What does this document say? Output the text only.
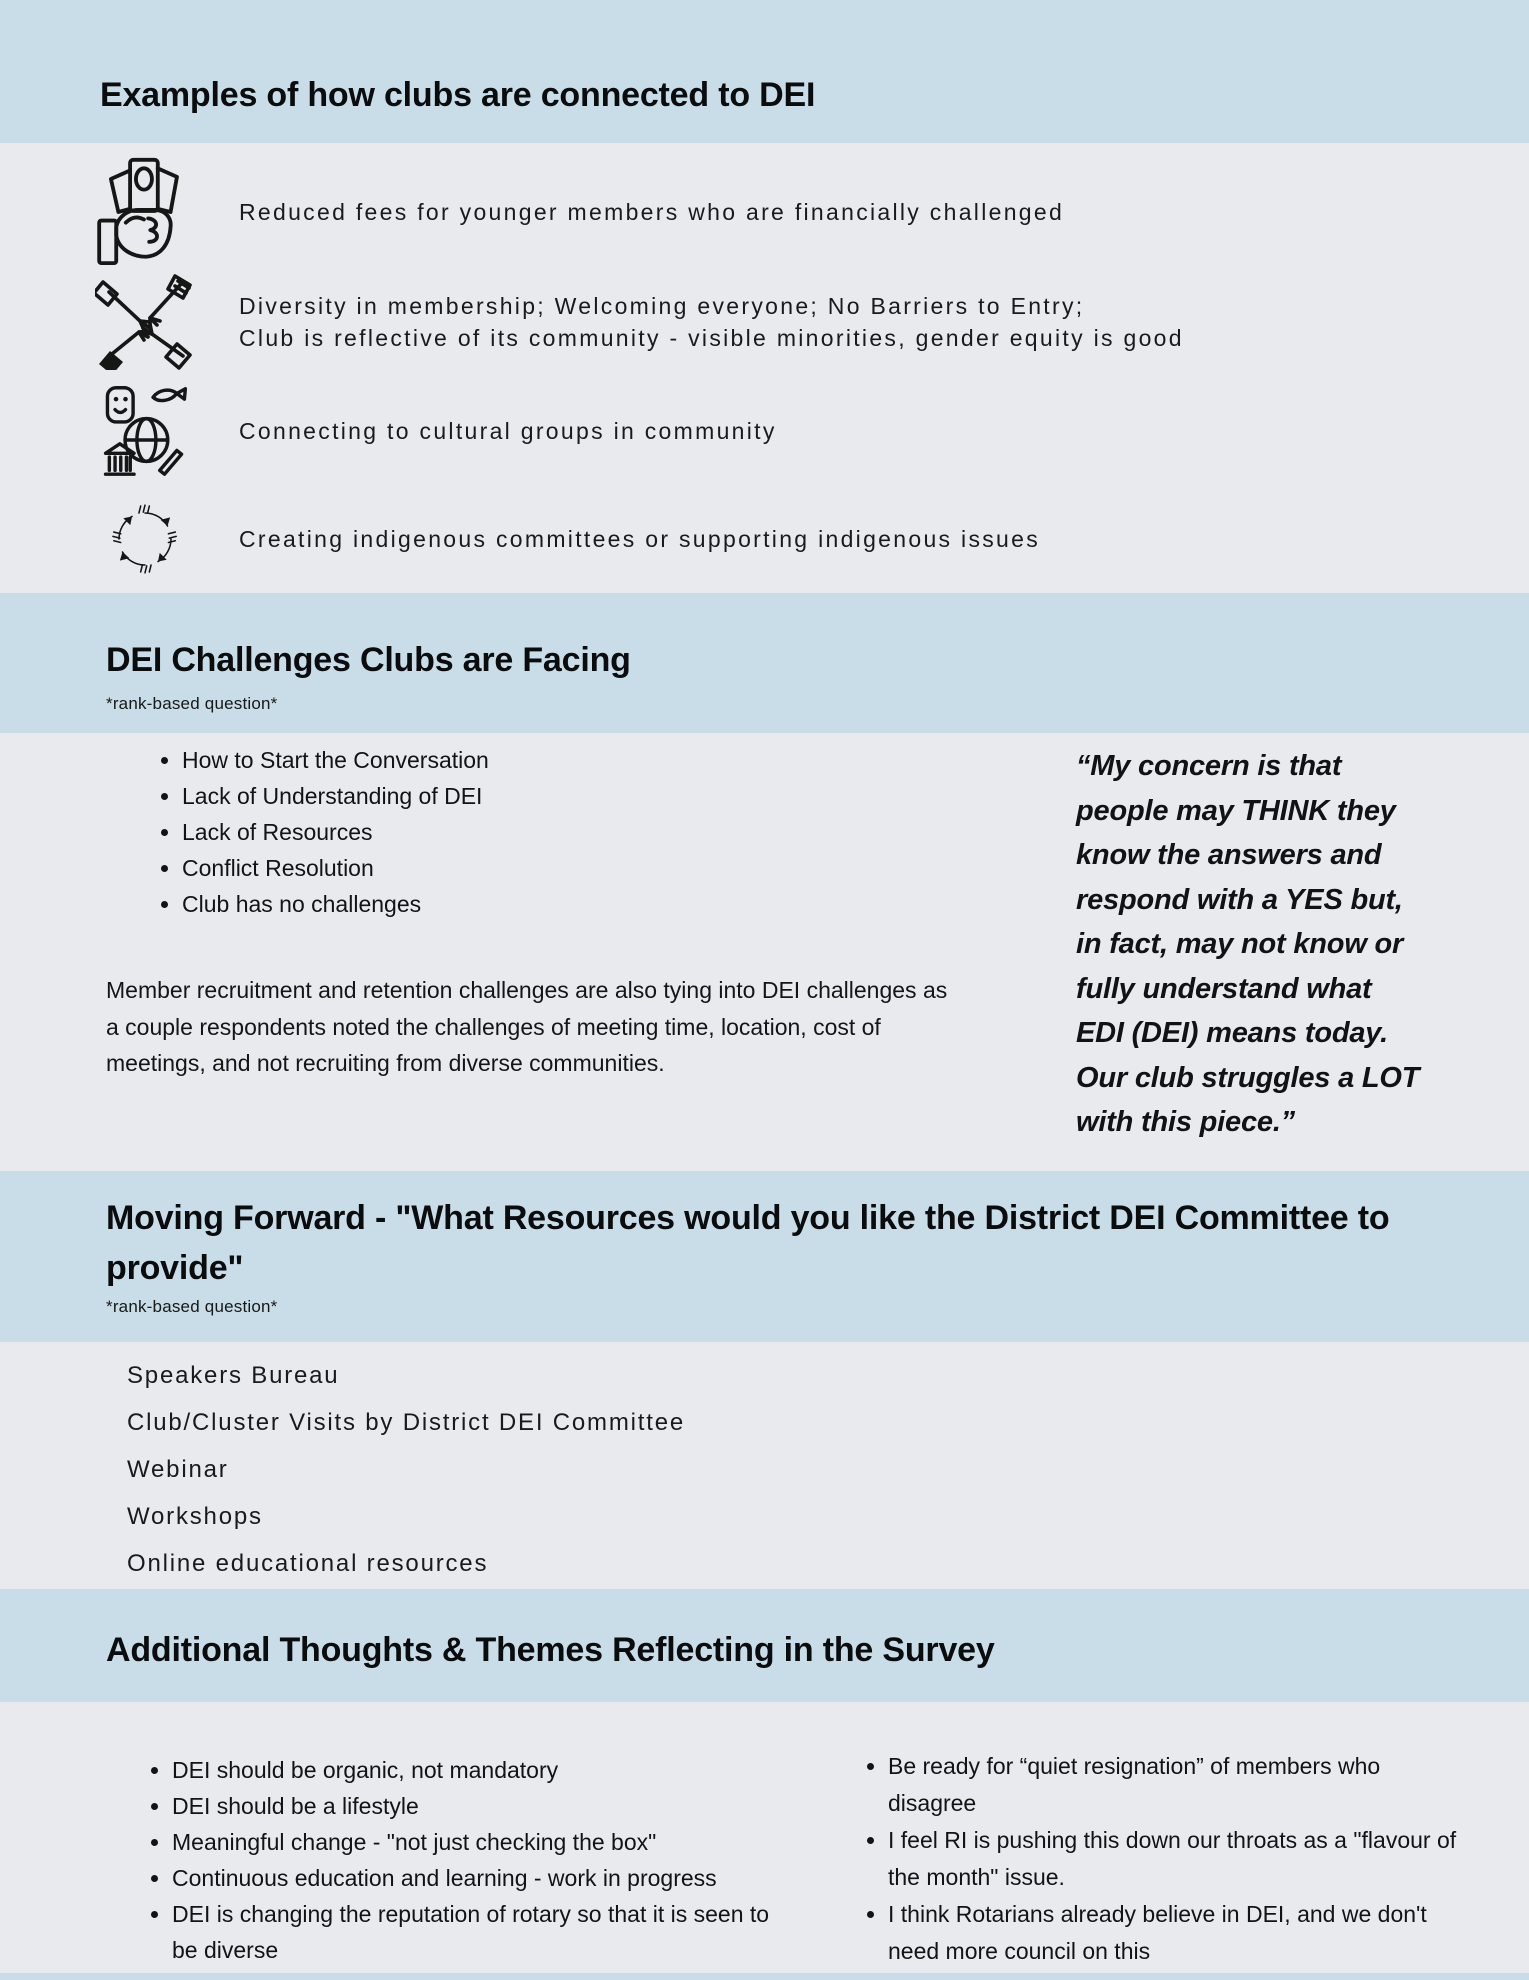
Examples of how clubs are connected to DEI
Reduced fees for younger members who are financially challenged
Diversity in membership; Welcoming everyone; No Barriers to Entry;
Club is reflective of its community - visible minorities, gender equity is good
Connecting to cultural groups in community
Creating indigenous committees or supporting indigenous issues
DEI Challenges Clubs are Facing
*rank-based question*
• How to Start the Conversation
• Lack of Understanding of DEI
• Lack of Resources
• Conflict Resolution
• Club has no challenges
Member recruitment and retention challenges are also tying into DEI challenges as a couple respondents noted the challenges of meeting time, location, cost of meetings, and not recruiting from diverse communities.
“My concern is that
people may THINK they
know the answers and
respond with a YES but,
in fact, may not know or
fully understand what
EDI (DEI) means today.
Our club struggles a LOT
with this piece.”
Moving Forward - "What Resources would you like the District DEI Committee to provide"
*rank-based question*
Speakers Bureau
Club/Cluster Visits by District DEI Committee
Webinar
Workshops
Online educational resources
Additional Thoughts & Themes Reflecting in the Survey
• DEI should be organic, not mandatory
• DEI should be a lifestyle
• Meaningful change - "not just checking the box"
• Continuous education and learning - work in progress
• DEI is changing the reputation of rotary so that it is seen to be diverse
• Be ready for “quiet resignation” of members who disagree
• I feel RI is pushing this down our throats as a "flavour of the month" issue.
• I think Rotarians already believe in DEI, and we don't need more council on this
